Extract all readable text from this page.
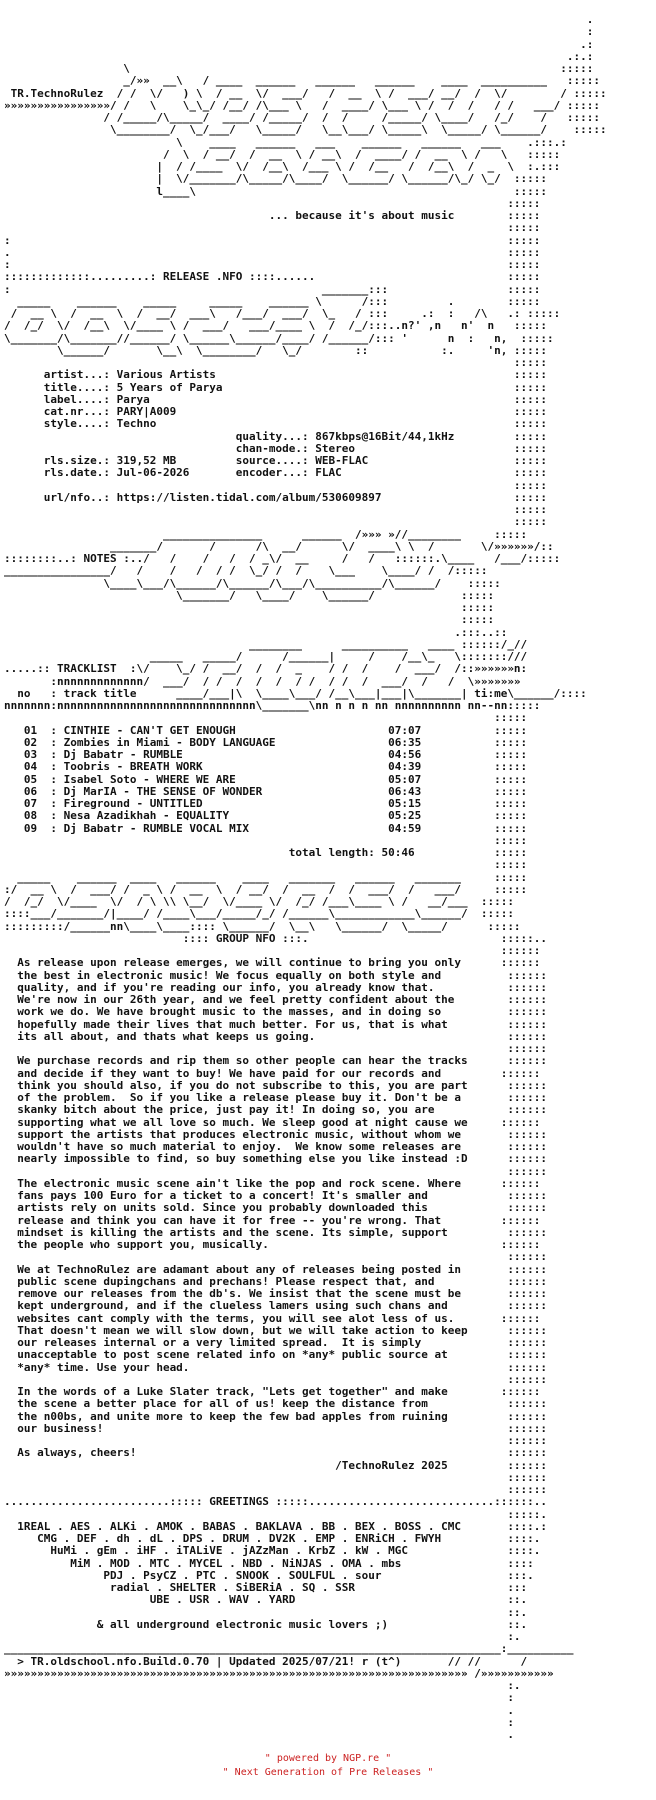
.
:
.:
.:.:
\                                                                 :::::
_/»»  __\   / ____  ______   ______   ______    ____  __________   :::::
TR.TechnoRulez  / /  \/   ) \  / __  \/  ___/   /  __  \ /  ___/ __/  /  \/        / :::::
»»»»»»»»»»»»»»»»/ /   \    \_\_/ /__/ /\___ \   /  ____/ \___ \ /  /  /   / /   ___/ :::::
/ /_____/\_____/  ____/ /_____/  /  /     /_____/ \____/   /_/    /   :::::
\________/  \_/___/   \_____/   \__\___/ \_____\  \_____/ \______/    :::::
\    ____   ______   ___    ______   ______   ___    .:::.:
/  \  / __/  /  __  \ / __\  /  ____/ /  __  \ /   \   :::::
|  / /____  \/  /__\  /___ \ /  /__   /  /__\  /  _  \  :.:::
|  \/_______/\_____/\____/  \______/ \______/\_/ \_/  :::::
l____\                                                :::::
:::::
... because it's about music        :::::
:::::
:                                                                           :::::
.                                                                           :::::
:                                                                           :::::
:::::::::::::.........: RELEASE .NFO ::::......                             :::::
:                                               _______:::                  :::::
_____    ______    _____     _____    ______ \      /:::         .        :::::
/  __ \  /  __  \  /  __/  ___\   /___/  ___/  \_   / :::     .:  :   /\   .: :::::
/  /_/  \/  /__\  \/____ \ /  ___/   ___/____ \  /  /_/:::..n?' ,n   n'  n   :::::
\_______/\_______//______/ \______\______/____/ /______/::: '      n  :   n,  :::::
\______/       \__\  \________/   \_/        ::           :.     'n, :::::
:::::
artist...: Various Artists                                             :::::
title....: 5 Years of Parya                                            :::::
label....: Parya                                                       :::::
cat.nr...: PARY|A009                                                   :::::
style....: Techno                                                      :::::
quality...: 867kbps@16Bit/44,1kHz         :::::
chan-mode.: Stereo                        :::::
rls.size.: 319,52 MB         source....: WEB-FLAC                      :::::
rls.date.: Jul-06-2026       encoder...: FLAC                          :::::
:::::
url/nfo..: https://listen.tidal.com/album/530609897                    :::::
:::::
:::::
_______________      ______  /»»» »//________     :::::
_______/       /      /\  __/      \/  ____\ \  /       \/»»»»»»/::
::::::::..: NOTES :../   /    /   /  / _\/  __     /   /   ::::::.\____   /___/:::::
________________/   /    /   /  / /  \_/ /  /    \___    \____/ /  /:::::
\____\___/\______/\______/\___/\__________/\______/    :::::
\_______/   \____/    \______/             :::::
:::::
:::::
.:::..::
________      __________   ____ ::::::/_//
_____   _____/      /______|     /    /__\_   \:::::::///
.....:: TRACKLIST  :\/    \_/ /  __/  /  /  _    / /  /    /  ___/  /::»»»»»»n:
:nnnnnnnnnnnnn/  ___/  / /  /  /  /  / /  / /  /  ___/  /   /  \»»»»»»»
no   : track title      ____/___|\  \____\___/ /__\___|___|\_______| ti:me\______/::::
nnnnnnn:nnnnnnnnnnnnnnnnnnnnnnnnnnnnnn\_______\nn n n n nn nnnnnnnnnn nn--nn:::::
:::::
01  : CINTHIE - CAN'T GET ENOUGH                       07:07           :::::
02  : Zombies in Miami - BODY LANGUAGE                 06:35           :::::
03  : Dj Babatr - RUMBLE                               04:56           :::::
04  : Toobris - BREATH WORK                            04:39           :::::
05  : Isabel Soto - WHERE WE ARE                       05:07           :::::
06  : Dj MarIA - THE SENSE OF WONDER                   06:43           :::::
07  : Fireground - UNTITLED                            05:15           :::::
08  : Nesa Azadikhah - EQUALITY                        05:25           :::::
09  : Dj Babatr - RUMBLE VOCAL MIX                     04:59           :::::
:::::
total length: 50:46            :::::
:::::
_____    ______  ____   ______    ____   _______   ______   _______     :::::
:/  __ \  /  ___/ /  _ \ /  __  \  / __/  /  __  /  /  ___/  /   ___/     :::::
/  /_/  \/____  \/  / \ \\ \__/  \/____ \/  /_/ /___\____ \ /   __/___  :::::
::::___/_______/|____/ /____\___/_____/_/ /______\____________\______/  :::::
:::::::::/______nn\____\____:::: \______/  \__\   \______/  \_____/      :::::
:::: GROUP NFO :::.                             :::::..
::::::
As release upon release emerges, we will continue to bring you only      ::::::
the best in electronic music! We focus equally on both style and          ::::::
quality, and if you're reading our info, you already know that.           ::::::
We're now in our 26th year, and we feel pretty confident about the        ::::::
work we do. We have brought music to the masses, and in doing so          ::::::
hopefully made their lives that much better. For us, that is what         ::::::
its all about, and thats what keeps us going.                             ::::::
::::::
We purchase records and rip them so other people can hear the tracks      ::::::
and decide if they want to buy! We have paid for our records and         ::::::
think you should also, if you do not subscribe to this, you are part      ::::::
of the problem.  So if you like a release please buy it. Don't be a       ::::::
skanky bitch about the price, just pay it! In doing so, you are           ::::::
supporting what we all love so much. We sleep good at night cause we     ::::::
support the artists that produces electronic music, without whom we       ::::::
wouldn't have so much material to enjoy.  We know some releases are       ::::::
nearly impossible to find, so buy something else you like instead :D      ::::::
::::::
The electronic music scene ain't like the pop and rock scene. Where      ::::::
fans pays 100 Euro for a ticket to a concert! It's smaller and            ::::::
artists rely on units sold. Since you probably downloaded this            ::::::
release and think you can have it for free -- you're wrong. That         ::::::
mindset is killing the artists and the scene. Its simple, support         ::::::
the people who support you, musically.                                   ::::::
::::::
We at TechnoRulez are adamant about any of releases being posted in       ::::::
public scene dupingchans and prechans! Please respect that, and           ::::::
remove our releases from the db's. We insist that the scene must be       ::::::
kept underground, and if the clueless lamers using such chans and         ::::::
websites cant comply with the terms, you will see alot less of us.       ::::::
That doesn't mean we will slow down, but we will take action to keep      ::::::
our releases internal or a very limited spread.  It is simply             ::::::
unacceptable to post scene related info on *any* public source at         ::::::
*any* time. Use your head.                                                ::::::
::::::
In the words of a Luke Slater track, "Lets get together" and make        ::::::
the scene a better place for all of us! keep the distance from            ::::::
the n00bs, and unite more to keep the few bad apples from ruining         ::::::
our business!                                                             ::::::
::::::
As always, cheers!                                                        ::::::
/TechnoRulez 2025         ::::::
::::::
::::::
.........................::::: GREETINGS :::::............................::::::..
:::::.
1REAL . AES . ALKi . AMOK . BABAS . BAKLAVA . BB . BEX . BOSS . CMC       ::::.:
CMG . DEF . dh . dL . DPS . DRUM . DV2K . EMP . ENRiCH . FWYH          ::::.
HuMi . gEm . iHF . iTALiVE . jAZzMan . KrbZ . kW . MGC               ::::.
MiM . MOD . MTC . MYCEL . NBD . NiNJAS . OMA . mbs                ::::
PDJ . PsyCZ . PTC . SNOOK . SOULFUL . sour                   :::.
radial . SHELTER . SiBERiA . SQ . SSR                       :::
UBE . USR . WAV . YARD                                ::.
::.
& all underground electronic music lovers ;)                  ::.
:.
___________________________________________________________________________:__________
> TR.oldschool.nfo.Build.0.70 | Updated 2025/07/21! r (t^)       // //      /
»»»»»»»»»»»»»»»»»»»»»»»»»»»»»»»»»»»»»»»»»»»»»»»»»»»»»»»»»»»»»»»»»»»»»» /»»»»»»»»»»»
:.
:
.
:
.

" powered by NGP.re "
" Next Generation of Pre Releases "
